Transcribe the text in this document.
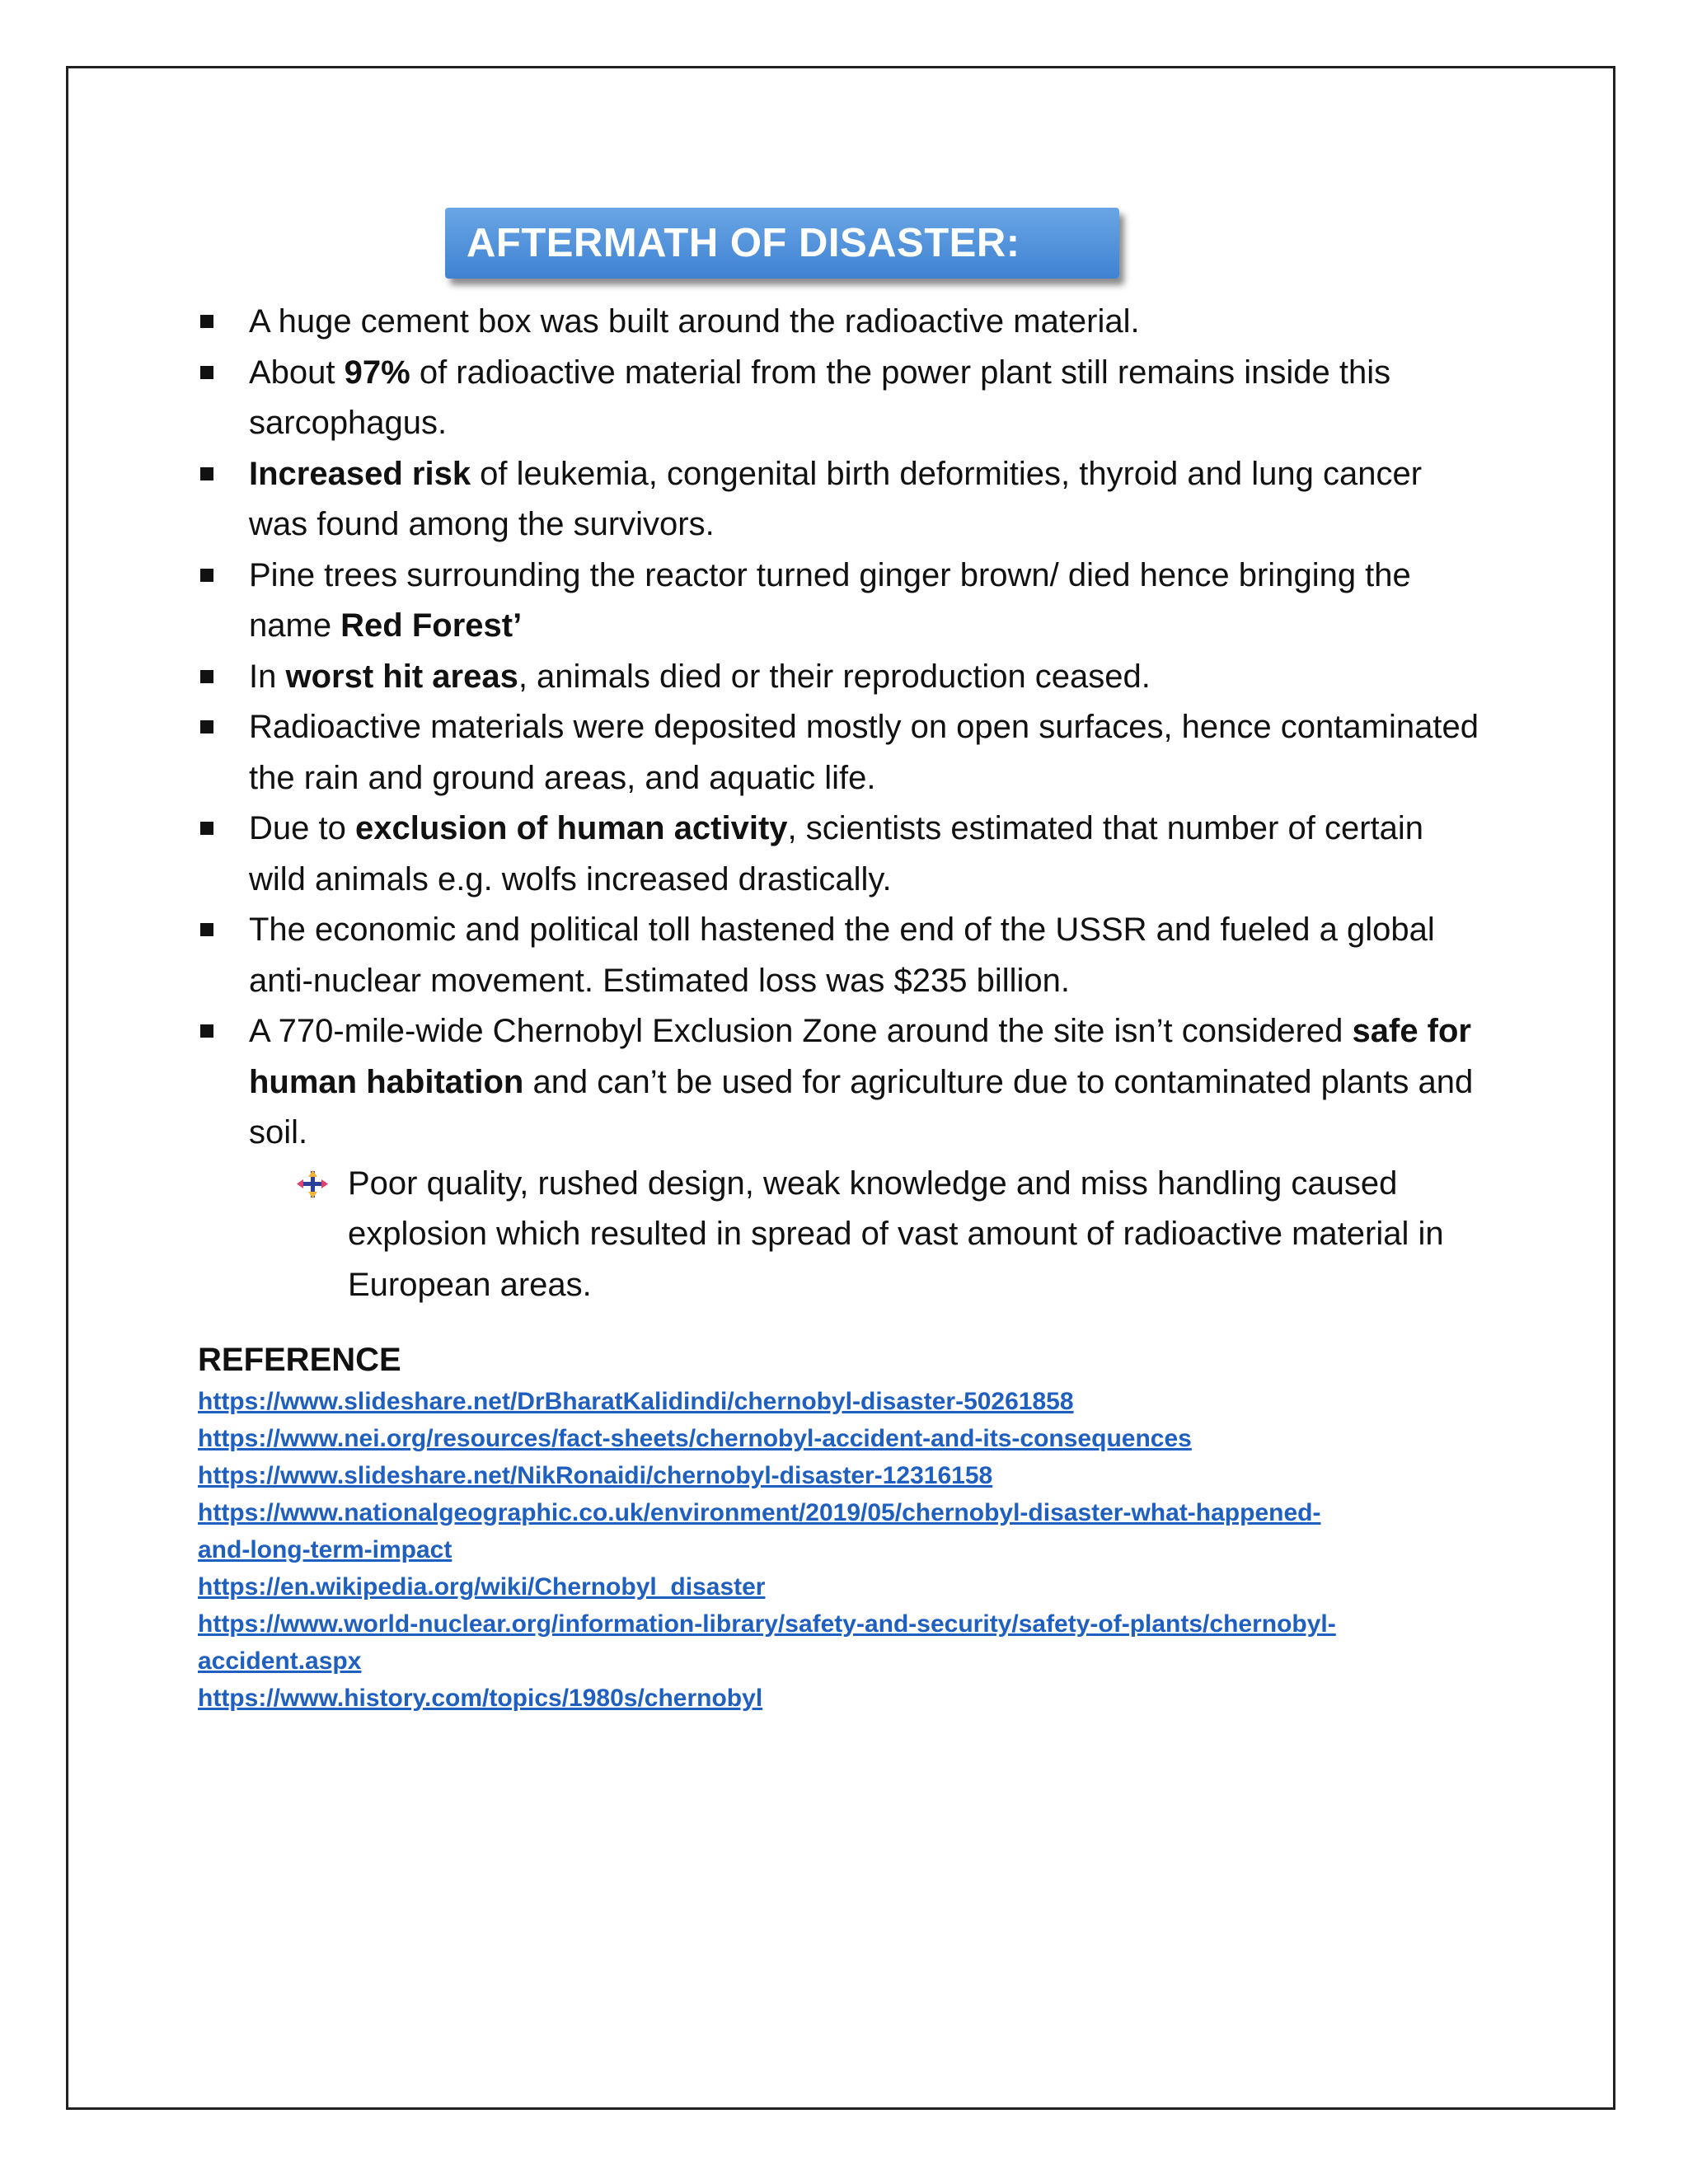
AFTERMATH OF DISASTER:
A huge cement box was built around the radioactive material.
About 97% of radioactive material from the power plant still remains inside this sarcophagus.
Increased risk of leukemia, congenital birth deformities, thyroid and lung cancer was found among the survivors.
Pine trees surrounding the reactor turned ginger brown/ died hence bringing the name Red Forest’
In worst hit areas, animals died or their reproduction ceased.
Radioactive materials were deposited mostly on open surfaces, hence contaminated the rain and ground areas, and aquatic life.
Due to exclusion of human activity, scientists estimated that number of certain wild animals e.g. wolfs increased drastically.
The economic and political toll hastened the end of the USSR and fueled a global anti-nuclear movement. Estimated loss was $235 billion.
A 770-mile-wide Chernobyl Exclusion Zone around the site isn’t considered safe for human habitation and can’t be used for agriculture due to contaminated plants and soil.
Poor quality, rushed design, weak knowledge and miss handling caused explosion which resulted in spread of vast amount of radioactive material in European areas.
REFERENCE
https://www.slideshare.net/DrBharatKalidindi/chernobyl-disaster-50261858
https://www.nei.org/resources/fact-sheets/chernobyl-accident-and-its-consequences
https://www.slideshare.net/NikRonaidi/chernobyl-disaster-12316158
https://www.nationalgeographic.co.uk/environment/2019/05/chernobyl-disaster-what-happened-
and-long-term-impact
https://en.wikipedia.org/wiki/Chernobyl_disaster
https://www.world-nuclear.org/information-library/safety-and-security/safety-of-plants/chernobyl-
accident.aspx
https://www.history.com/topics/1980s/chernobyl
